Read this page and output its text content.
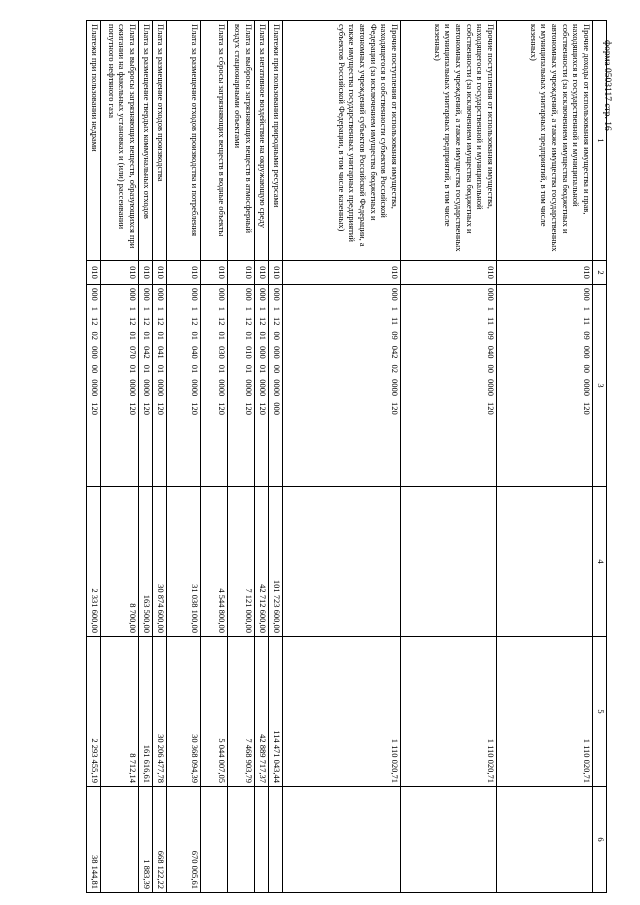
форма 0503117 стр. 16
1	2	3	4	5	6
Прочие доходы от использования имущества и прав, находящихся в государственной и муниципальной собственности (за исключением имущества бюджетных и автономных учреждений, а также имущества государственных и муниципальных унитарных предприятий, в том числе казенных)	010	00011109000000000120		1 110 020,71	
Прочие поступления от использования имущества, находящегося в государственной и муниципальной собственности (за исключением имущества бюджетных и автономных учреждений, а также имущества государственных и муниципальных унитарных предприятий, в том числе казенных)	010	00011109040000000120		1 110 020,71	
Прочие поступления от использования имущества, находящегося в собственности субъектов Российской Федерации (за исключением имущества бюджетных и автономных учреждений субъектов Российской Федерации, а также имущества государственных унитарных предприятий субъектов Российской Федерации, в том числе казенных)	010	00011109042020000120		1 110 020,71	
Платежи при пользовании природными ресурсами	010	00011200000000000000	101 723 600,00	114 471 043,44	
Плата за негативное воздействие на окружающую среду	010	00011201000010000120	42 712 600,00	42 889 717,37	
Плата за выбросы загрязняющих веществ в атмосферный воздух стационарными объектами	010	00011201010010000120	7 121 000,00	7 468 903,79	
Плата за сбросы загрязняющих веществ в водные объекты	010	00011201030010000120	4 544 800,00	5 044 007,05	
Плата за размещение отходов производства и потребления	010	00011201040010000120	31 038 100,00	30 368 094,39	670 005,61
Плата за размещение отходов производства	010	00011201041010000120	30 874 600,00	30 206 477,78	668 122,22
Плата за размещение твердых коммунальных отходов	010	00011201042010000120	163 500,00	161 616,61	1 883,39
Плата за выбросы загрязняющих веществ, образующихся при сжигании на факельных установках и (или) рассеивании попутного нефтяного газа	010	00011201070010000120	8 700,00	8 712,14	
Платежи при пользовании недрами	010	00011202000000000120	2 331 600,00	2 293 455,19	38 144,81
